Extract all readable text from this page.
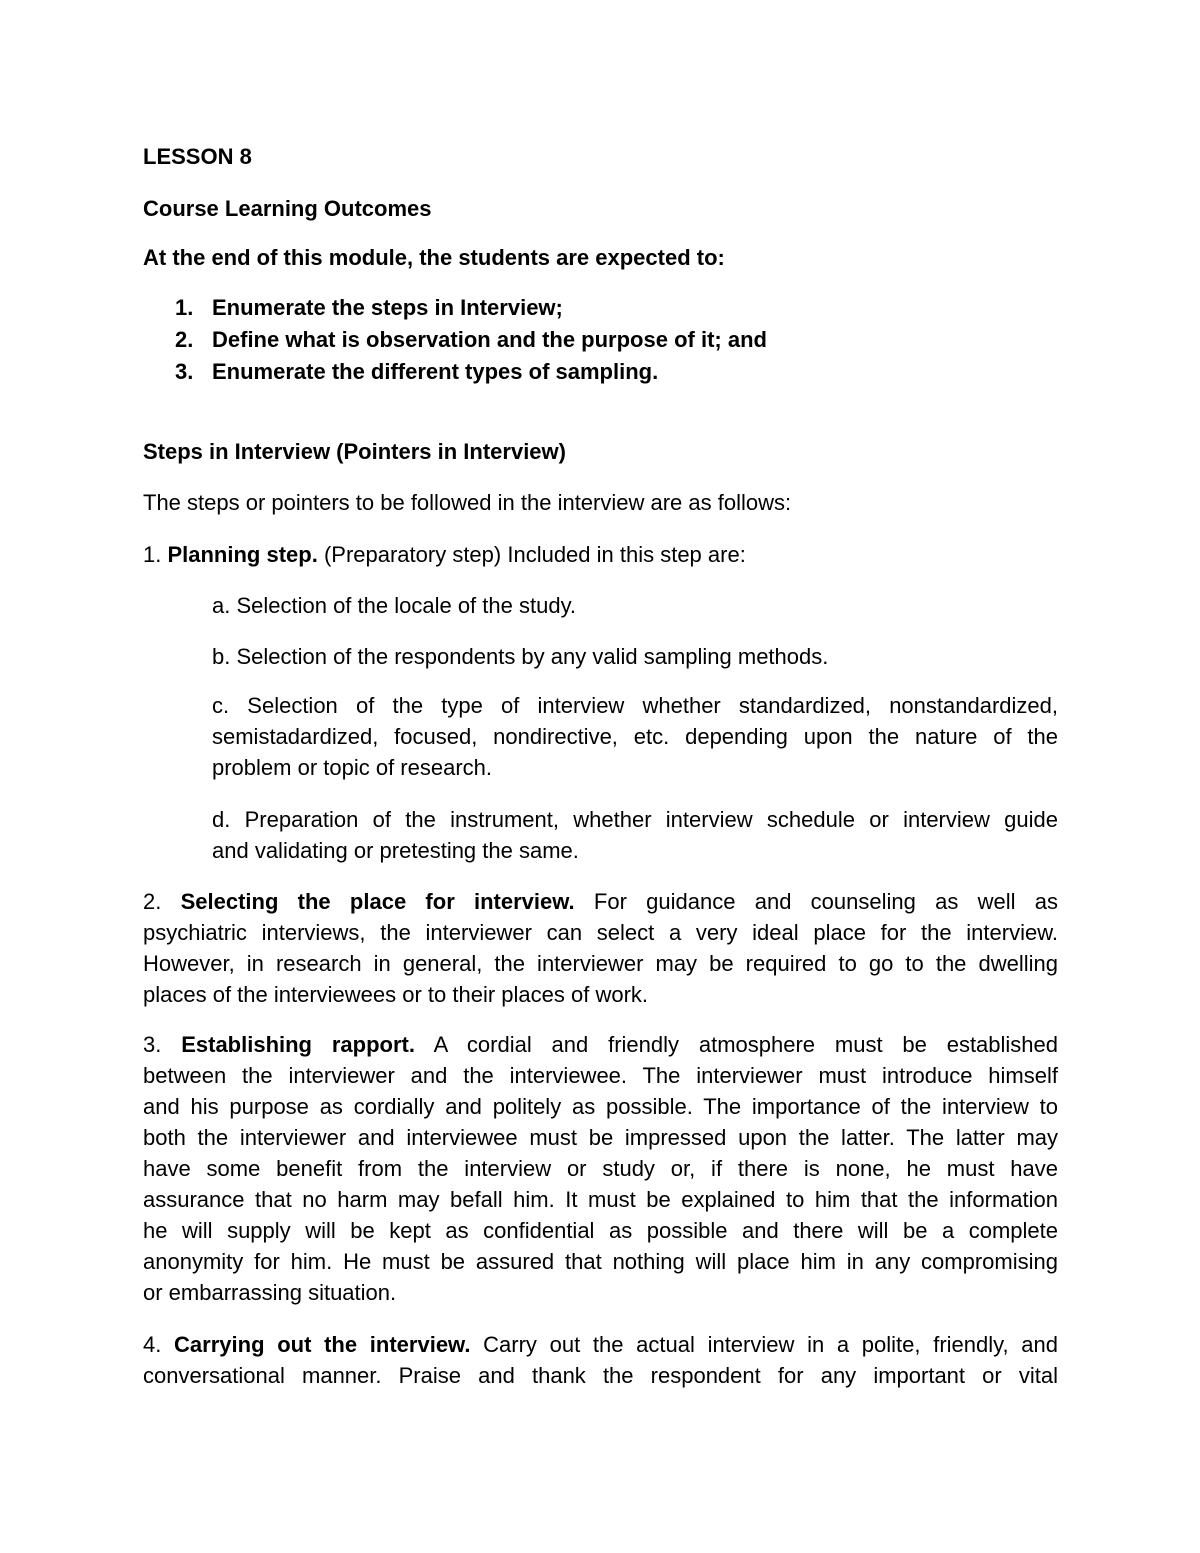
LESSON 8

Course Learning Outcomes

At the end of this module, the students are expected to:

1. Enumerate the steps in Interview;
2. Define what is observation and the purpose of it; and
3. Enumerate the different types of sampling.

Steps in Interview (Pointers in Interview)

The steps or pointers to be followed in the interview are as follows:

1. Planning step. (Preparatory step) Included in this step are:

a. Selection of the locale of the study.

b. Selection of the respondents by any valid sampling methods.

c. Selection of the type of interview whether standardized, nonstandardized,
semistadardized, focused, nondirective, etc. depending upon the nature of the
problem or topic of research.
d. Preparation of the instrument, whether interview schedule or interview guide
and validating or pretesting the same.
2. Selecting the place for interview. For guidance and counseling as well as
psychiatric interviews, the interviewer can select a very ideal place for the interview.
However, in research in general, the interviewer may be required to go to the dwelling
places of the interviewees or to their places of work.
3. Establishing rapport. A cordial and friendly atmosphere must be established
between the interviewer and the interviewee. The interviewer must introduce himself
and his purpose as cordially and politely as possible. The importance of the interview to
both the interviewer and interviewee must be impressed upon the latter. The latter may
have some benefit from the interview or study or, if there is none, he must have
assurance that no harm may befall him. It must be explained to him that the information
he will supply will be kept as confidential as possible and there will be a complete
anonymity for him. He must be assured that nothing will place him in any compromising
or embarrassing situation.
4. Carrying out the interview. Carry out the actual interview in a polite, friendly, and
conversational manner. Praise and thank the respondent for any important or vital
